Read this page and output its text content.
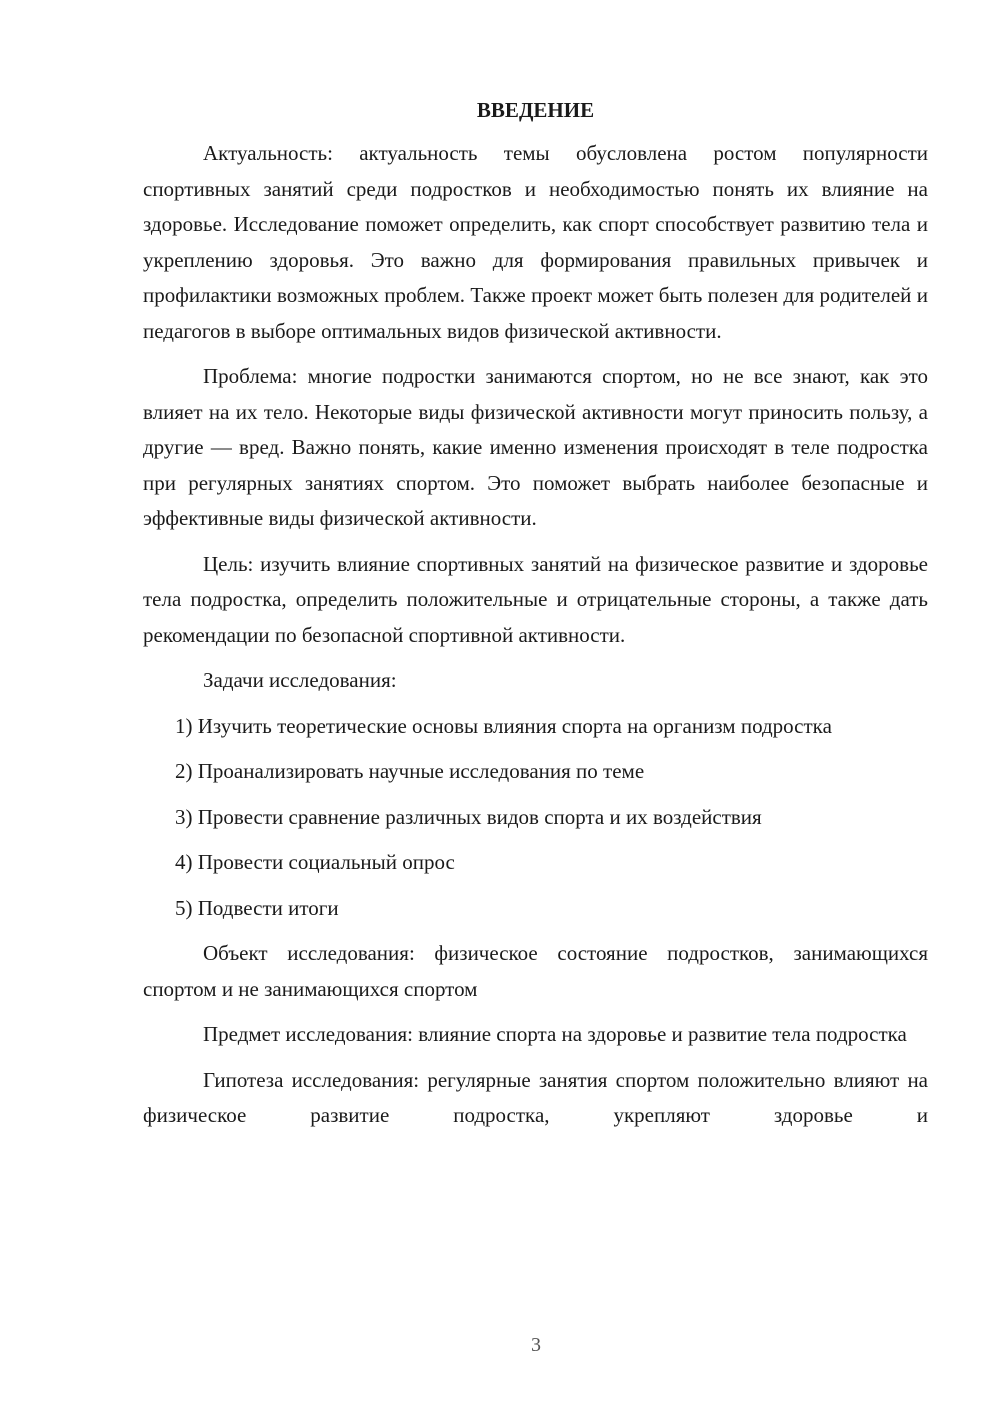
ВВЕДЕНИЕ

Актуальность: актуальность темы обусловлена ростом популярности спортивных занятий среди подростков и необходимостью понять их влияние на здоровье. Исследование поможет определить, как спорт способствует развитию тела и укреплению здоровья. Это важно для формирования правильных привычек и профилактики возможных проблем. Также проект может быть полезен для родителей и педагогов в выборе оптимальных видов физической активности.

Проблема: многие подростки занимаются спортом, но не все знают, как это влияет на их тело. Некоторые виды физической активности могут приносить пользу, а другие — вред. Важно понять, какие именно изменения происходят в теле подростка при регулярных занятиях спортом. Это поможет выбрать наиболее безопасные и эффективные виды физической активности.

Цель: изучить влияние спортивных занятий на физическое развитие и здоровье тела подростка, определить положительные и отрицательные стороны, а также дать рекомендации по безопасной спортивной активности.

Задачи исследования:

1) Изучить теоретические основы влияния спорта на организм подростка

2) Проанализировать научные исследования по теме

3) Провести сравнение различных видов спорта и их воздействия

4) Провести социальный опрос

5) Подвести итоги

Объект исследования: физическое состояние подростков, занимающихся спортом и не занимающихся спортом

Предмет исследования: влияние спорта на здоровье и развитие тела подростка

Гипотеза исследования: регулярные занятия спортом положительно влияют на физическое развитие подростка, укрепляют здоровье и

3
